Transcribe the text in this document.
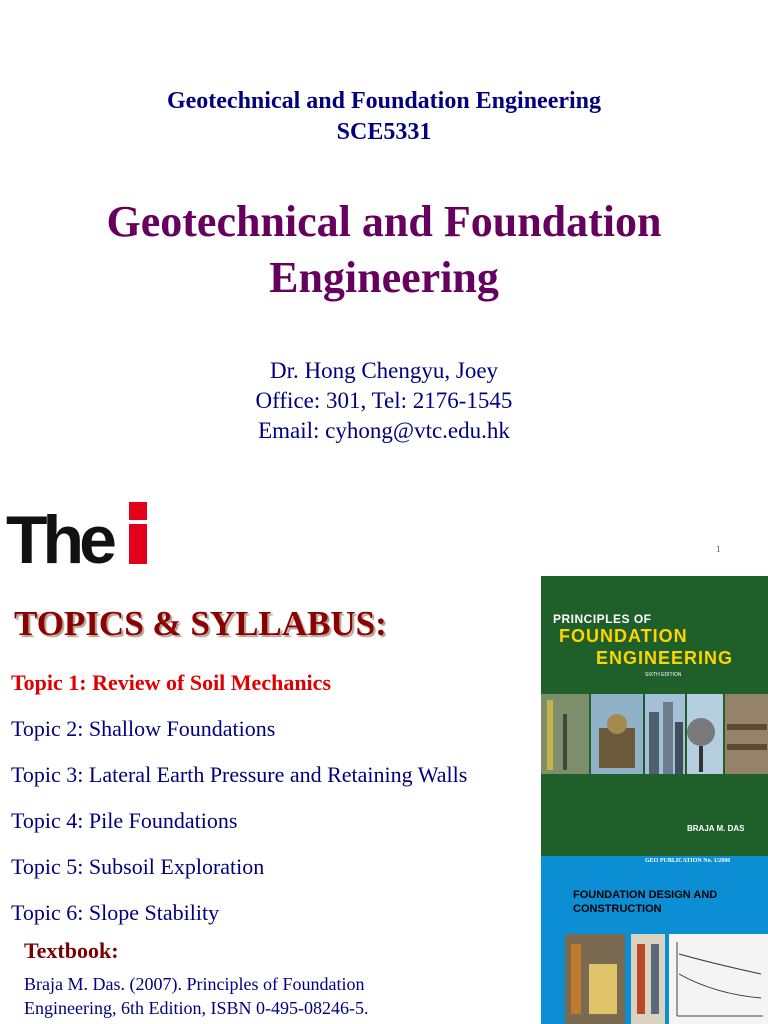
Geotechnical and Foundation Engineering
SCE5331
Geotechnical and Foundation
Engineering
Dr. Hong Chengyu, Joey
Office: 301, Tel: 2176-1545
Email: cyhong@vtc.edu.hk
The	1
TOPICS & SYLLABUS:
Topic 1: Review of Soil Mechanics
Topic 2: Shallow Foundations
Topic 3: Lateral Earth Pressure and Retaining Walls
Topic 4: Pile Foundations
Topic 5: Subsoil Exploration
Topic 6: Slope Stability
Textbook:
Braja M. Das. (2007). Principles of Foundation
Engineering, 6th Edition, ISBN 0-495-08246-5.
PRINCIPLES OF
FOUNDATION
ENGINEERING
SIXTH EDITION
BRAJA M. DAS
GEO PUBLICATION No. 1/2006
FOUNDATION DESIGN AND CONSTRUCTION
